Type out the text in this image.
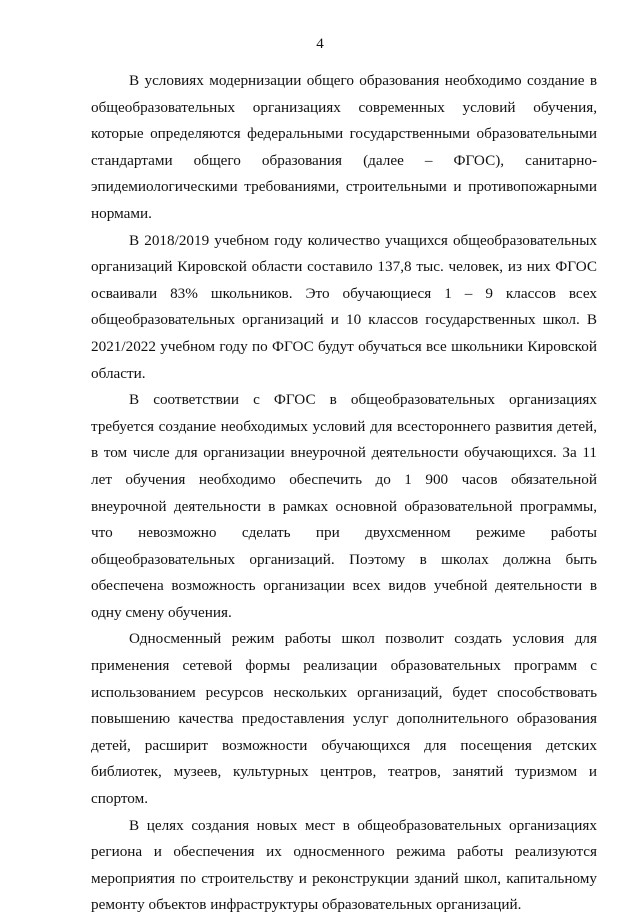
4

В условиях модернизации общего образования необходимо создание в общеобразовательных организациях современных условий обучения, которые определяются федеральными государственными образовательными стандартами общего образования (далее – ФГОС), санитарно-эпидемиологическими требованиями, строительными и противопожарными нормами.

В 2018/2019 учебном году количество учащихся общеобразовательных организаций Кировской области составило 137,8 тыс. человек, из них ФГОС осваивали 83% школьников. Это обучающиеся 1 – 9 классов всех общеобразовательных организаций и 10 классов государственных школ. В 2021/2022 учебном году по ФГОС будут обучаться все школьники Кировской области.

В соответствии с ФГОС в общеобразовательных организациях требуется создание необходимых условий для всестороннего развития детей, в том числе для организации внеурочной деятельности обучающихся. За 11 лет обучения необходимо обеспечить до 1 900 часов обязательной внеурочной деятельности в рамках основной образовательной программы, что невозможно сделать при двухсменном режиме работы общеобразовательных организаций. Поэтому в школах должна быть обеспечена возможность организации всех видов учебной деятельности в одну смену обучения.

Односменный режим работы школ позволит создать условия для применения сетевой формы реализации образовательных программ с использованием ресурсов нескольких организаций, будет способствовать повышению качества предоставления услуг дополнительного образования детей, расширит возможности обучающихся для посещения детских библиотек, музеев, культурных центров, театров, занятий туризмом и спортом.

В целях создания новых мест в общеобразовательных организациях региона и обеспечения их односменного режима работы реализуются мероприятия по строительству и реконструкции зданий школ, капитальному ремонту объектов инфраструктуры образовательных организаций.
